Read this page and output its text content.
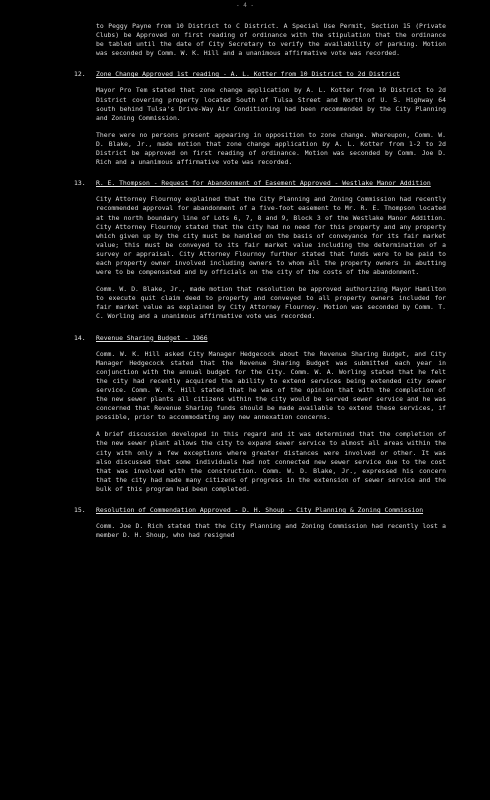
- 4 -

to Peggy Payne from 10 District to C District. A Special Use Permit, Section 15 (Private Clubs) be Approved on first reading of ordinance with the stipulation that the ordinance be tabled until the date of City Secretary to verify the availability of parking. Motion was seconded by Comm. W. K. Hill and a unanimous affirmative vote was recorded.

12. Zone Change Approved 1st reading - A. L. Kotter from 10 District to 2d District

Mayor Pro Tem stated that zone change application by A. L. Kotter from 10 District to 2d District covering property located South of Tulsa Street and North of U. S. Highway 64 south behind Tulsa's Drive-Way Air Conditioning had been recommended by the City Planning and Zoning Commission.

There were no persons present appearing in opposition to zone change. Whereupon, Comm. W. D. Blake, Jr., made motion that zone change application by A. L. Kotter from 1-2 to 2d District be approved on first reading of ordinance. Motion was seconded by Comm. Joe D. Rich and a unanimous affirmative vote was recorded.

13. R. E. Thompson - Request for Abandonment of Easement Approved - Westlake Manor Addition

City Attorney Flournoy explained that the City Planning and Zoning Commission had recently recommended approval for abandonment of a five-foot easement to Mr. R. E. Thompson located at the north boundary line of Lots 6, 7, 8 and 9, Block 3 of the Westlake Manor Addition. City Attorney Flournoy stated that the city had no need for this property and any property which given up by the city must be handled on the basis of conveyance for its fair market value; this must be conveyed to its fair market value including the determination of a survey or appraisal. City Attorney Flournoy further stated that funds were to be paid to each property owner involved including owners to whom all the property owners in abutting were to be compensated and by officials on the city of the costs of the abandonment.

Comm. W. D. Blake, Jr., made motion that resolution be approved authorizing Mayor Hamilton to execute quit claim deed to property and conveyed to all property owners included for fair market value as explained by City Attorney Flournoy. Motion was seconded by Comm. T. C. Worling and a unanimous affirmative vote was recorded.

14. Revenue Sharing Budget - 1966

Comm. W. K. Hill asked City Manager Hedgecock about the Revenue Sharing Budget, and City Manager Hedgecock stated that the Revenue Sharing Budget was submitted each year in conjunction with the annual budget for the City. Comm. W. A. Worling stated that he felt the city had recently acquired the ability to extend services being extended city sewer service. Comm. W. K. Hill stated that he was of the opinion that with the completion of the new sewer plants all citizens within the city would be served sewer service and he was concerned that Revenue Sharing funds should be made available to extend these services, if possible, prior to accommodating any new annexation concerns.

A brief discussion developed in this regard and it was determined that the completion of the new sewer plant allows the city to expand sewer service to almost all areas within the city with only a few exceptions where greater distances were involved or other. It was also discussed that some individuals had not connected new sewer service due to the cost that was involved with the construction. Comm. W. D. Blake, Jr., expressed his concern that the city had made many citizens of progress in the extension of sewer service and the bulk of this program had been completed.

15. Resolution of Commendation Approved - D. H. Shoup - City Planning & Zoning Commission

Comm. Joe D. Rich stated that the City Planning and Zoning Commission had recently lost a member D. H. Shoup, who had resigned
